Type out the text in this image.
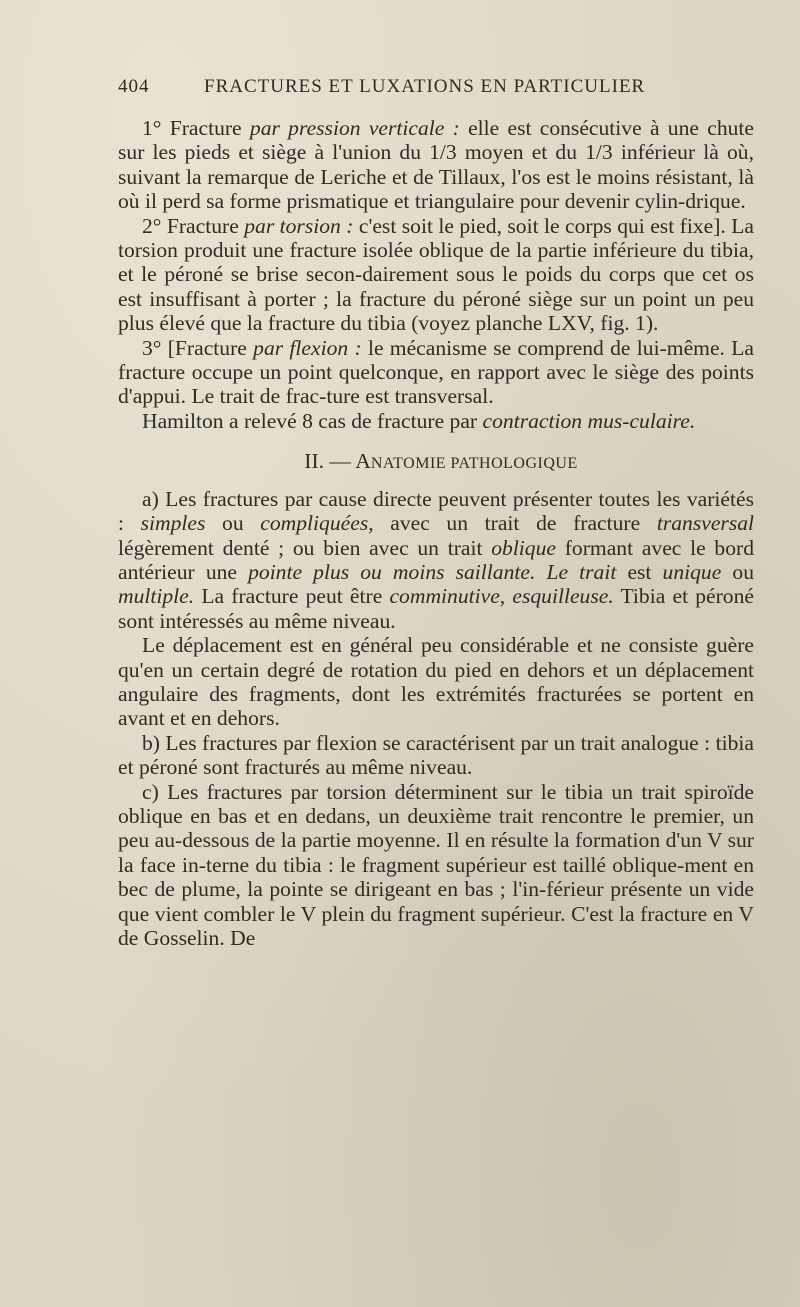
404	FRACTURES ET LUXATIONS EN PARTICULIER

1° Fracture par pression verticale : elle est consécutive à une chute sur les pieds et siège à l'union du 1/3 moyen et du 1/3 inférieur là où, suivant la remarque de Leriche et de Tillaux, l'os est le moins résistant, là où il perd sa forme prismatique et triangulaire pour devenir cylin-drique.

2° Fracture par torsion : c'est soit le pied, soit le corps qui est fixe]. La torsion produit une fracture isolée oblique de la partie inférieure du tibia, et le péroné se brise secon-dairement sous le poids du corps que cet os est insuffisant à porter ; la fracture du péroné siège sur un point un peu plus élevé que la fracture du tibia (voyez planche LXV, fig. 1).

3° [Fracture par flexion : le mécanisme se comprend de lui-même. La fracture occupe un point quelconque, en rapport avec le siège des points d'appui. Le trait de frac-ture est transversal.

Hamilton a relevé 8 cas de fracture par contraction mus-culaire.

II. — ANATOMIE PATHOLOGIQUE

a) Les fractures par cause directe peuvent présenter toutes les variétés : simples ou compliquées, avec un trait de fracture transversal légèrement denté ; ou bien avec un trait oblique formant avec le bord antérieur une pointe plus ou moins saillante. Le trait est unique ou multiple. La fracture peut être comminutive, esquilleuse. Tibia et péroné sont intéressés au même niveau.

Le déplacement est en général peu considérable et ne consiste guère qu'en un certain degré de rotation du pied en dehors et un déplacement angulaire des fragments, dont les extrémités fracturées se portent en avant et en dehors.

b) Les fractures par flexion se caractérisent par un trait analogue : tibia et péroné sont fracturés au même niveau.

c) Les fractures par torsion déterminent sur le tibia un trait spiroïde oblique en bas et en dedans, un deuxième trait rencontre le premier, un peu au-dessous de la partie moyenne. Il en résulte la formation d'un V sur la face in-terne du tibia : le fragment supérieur est taillé oblique-ment en bec de plume, la pointe se dirigeant en bas ; l'in-férieur présente un vide que vient combler le V plein du fragment supérieur. C'est la fracture en V de Gosselin. De
